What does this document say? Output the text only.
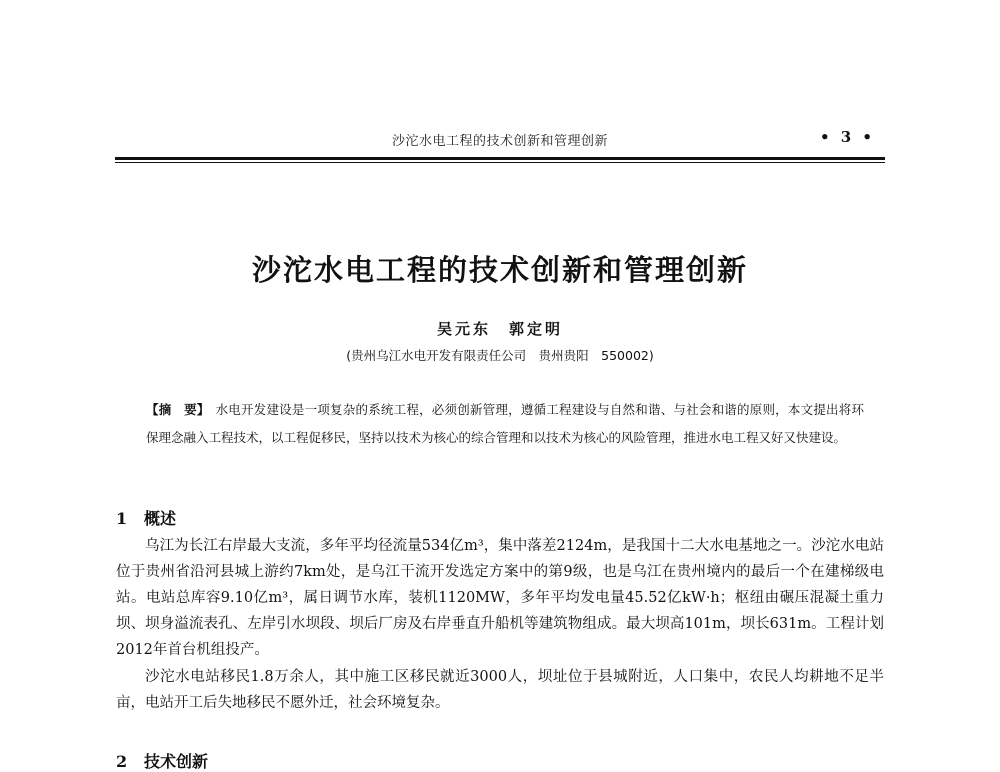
沙沱水电工程的技术创新和管理创新	• 3 •
沙沱水电工程的技术创新和管理创新
吴元东　郭定明
(贵州乌江水电开发有限责任公司　贵州贵阳　550002)
【摘　要】 水电开发建设是一项复杂的系统工程，必须创新管理，遵循工程建设与自然和谐、与社会和谐的原则，本文提出将环保理念融入工程技术，以工程促移民，坚持以技术为核心的综合管理和以技术为核心的风险管理，推进水电工程又好又快建设。
1 概述
乌江为长江右岸最大支流，多年平均径流量534亿m³，集中落差2124m，是我国十二大水电基地之一。沙沱水电站位于贵州省沿河县城上游约7km处，是乌江干流开发选定方案中的第9级，也是乌江在贵州境内的最后一个在建梯级电站。电站总库容9.10亿m³，属日调节水库，装机1120MW，多年平均发电量45.52亿kW·h；枢纽由碾压混凝土重力坝、坝身溢流表孔、左岸引水坝段、坝后厂房及右岸垂直升船机等建筑物组成。最大坝高101m，坝长631m。工程计划2012年首台机组投产。
沙沱水电站移民1.8万余人，其中施工区移民就近3000人，坝址位于县城附近，人口集中，农民人均耕地不足半亩，电站开工后失地移民不愿外迁，社会环境复杂。
2 技术创新
